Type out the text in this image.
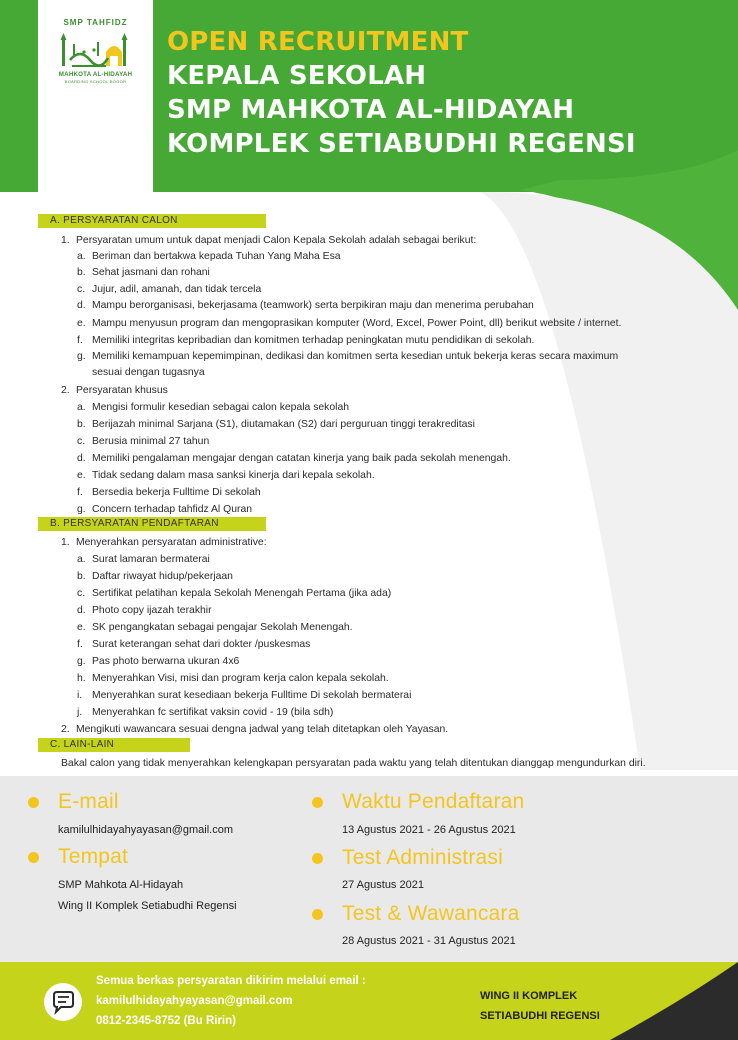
SMP TAHFIDZ
MAHKOTA AL-HIDAYAH
BOARDING SCHOOL BOGOR
OPEN RECRUITMENT
KEPALA SEKOLAH
SMP MAHKOTA AL-HIDAYAH
KOMPLEK SETIABUDHI REGENSI
A. PERSYARATAN CALON
1. Persyaratan umum untuk dapat menjadi Calon Kepala Sekolah adalah sebagai berikut:
a. Beriman dan bertakwa kepada Tuhan Yang Maha Esa
b. Sehat jasmani dan rohani
c. Jujur, adil, amanah, dan tidak tercela
d. Mampu berorganisasi, bekerjasama (teamwork) serta berpikiran maju dan menerima perubahan
e. Mampu menyusun program dan mengoprasikan komputer (Word, Excel, Power Point, dll) berikut website / internet.
f. Memiliki integritas kepribadian dan komitmen terhadap peningkatan mutu pendidikan di sekolah.
g. Memiliki kemampuan kepemimpinan, dedikasi dan komitmen serta kesedian untuk bekerja keras secara maximum
sesuai dengan tugasnya
2. Persyaratan khusus
a. Mengisi formulir kesedian sebagai calon kepala sekolah
b. Berijazah minimal Sarjana (S1), diutamakan (S2) dari perguruan tinggi terakreditasi
c. Berusia minimal 27 tahun
d. Memiliki pengalaman mengajar dengan catatan kinerja yang baik pada sekolah menengah.
e. Tidak sedang dalam masa sanksi kinerja dari kepala sekolah.
f. Bersedia bekerja Fulltime Di sekolah
g. Concern terhadap tahfidz Al Quran
B. PERSYARATAN PENDAFTARAN
1. Menyerahkan persyaratan administrative:
a. Surat lamaran bermaterai
b. Daftar riwayat hidup/pekerjaan
c. Sertifikat pelatihan kepala Sekolah Menengah Pertama (jika ada)
d. Photo copy ijazah terakhir
e. SK pengangkatan sebagai pengajar Sekolah Menengah.
f. Surat keterangan sehat dari dokter /puskesmas
g. Pas photo berwarna ukuran 4x6
h. Menyerahkan Visi, misi dan program kerja calon kepala sekolah.
i. Menyerahkan surat kesediaan bekerja Fulltime Di sekolah bermaterai
j. Menyerahkan fc sertifikat vaksin covid - 19 (bila sdh)
2. Mengikuti wawancara sesuai dengna jadwal yang telah ditetapkan oleh Yayasan.
C. LAIN-LAIN
Bakal calon yang tidak menyerahkan kelengkapan persyaratan pada waktu yang telah ditentukan dianggap mengundurkan diri.
E-mail
kamilulhidayahyayasan@gmail.com
Tempat
SMP Mahkota Al-Hidayah
Wing II Komplek Setiabudhi Regensi
Waktu Pendaftaran
13 Agustus 2021 - 26 Agustus 2021
Test Administrasi
27 Agustus 2021
Test & Wawancara
28 Agustus 2021 - 31 Agustus 2021
Semua berkas persyaratan dikirim melalui email :
kamilulhidayahyayasan@gmail.com
0812-2345-8752 (Bu Ririn)
WING II KOMPLEK
SETIABUDHI REGENSI
